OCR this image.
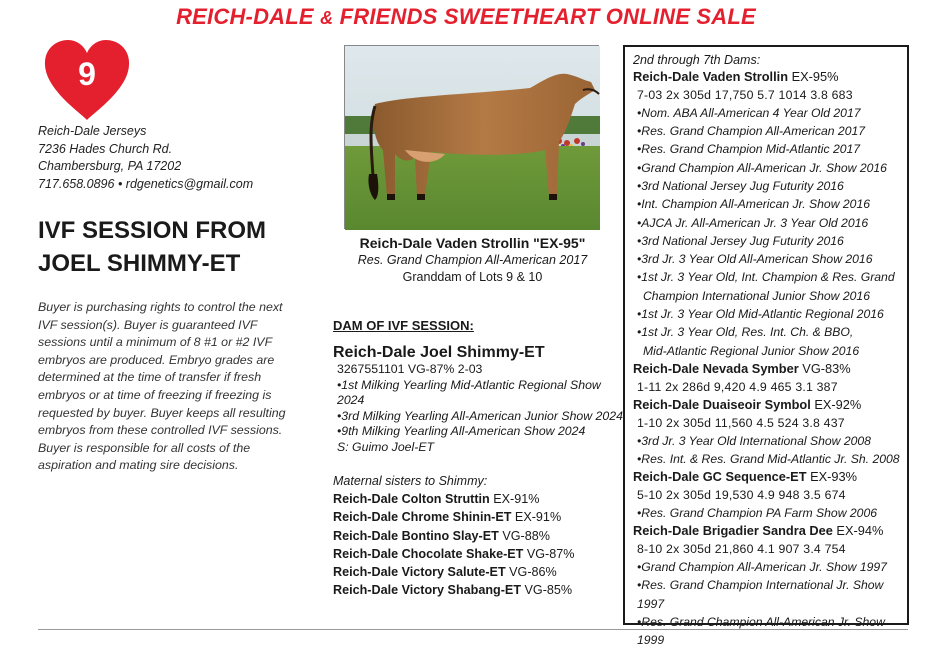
REICH-DALE & FRIENDS SWEETHEART ONLINE SALE
9
Reich-Dale Jerseys
7236 Hades Church Rd.
Chambersburg, PA 17202
717.658.0896 • rdgenetics@gmail.com
IVF SESSION FROM
JOEL SHIMMY-ET
Buyer is purchasing rights to control the next IVF session(s). Buyer is guaranteed IVF sessions until a minimum of 8 #1 or #2 IVF embryos are produced. Embryo grades are determined at the time of transfer if fresh embryos or at time of freezing if freezing is requested by buyer. Buyer keeps all resulting embryos from these controlled IVF sessions. Buyer is responsible for all costs of the aspiration and mating sire decisions.
Reich-Dale Vaden Strollin "EX-95"
Res. Grand Champion All-American 2017
Granddam of Lots 9 & 10
DAM OF IVF SESSION:
Reich-Dale Joel Shimmy-ET
3267551101 VG-87% 2-03
•1st Milking Yearling Mid-Atlantic Regional Show 2024
•3rd Milking Yearling All-American Junior Show 2024
•9th Milking Yearling All-American Show 2024
S: Guimo Joel-ET
Maternal sisters to Shimmy:
Reich-Dale Colton Struttin EX-91%
Reich-Dale Chrome Shinin-ET EX-91%
Reich-Dale Bontino Slay-ET VG-88%
Reich-Dale Chocolate Shake-ET VG-87%
Reich-Dale Victory Salute-ET VG-86%
Reich-Dale Victory Shabang-ET VG-85%
2nd through 7th Dams:
Reich-Dale Vaden Strollin EX-95%
7-03 2x 305d 17,750 5.7 1014 3.8 683
•Nom. ABA All-American 4 Year Old 2017
•Res. Grand Champion All-American 2017
•Res. Grand Champion Mid-Atlantic 2017
•Grand Champion All-American Jr. Show 2016
•3rd National Jersey Jug Futurity 2016
•Int. Champion All-American Jr. Show 2016
•AJCA Jr. All-American Jr. 3 Year Old 2016
•3rd National Jersey Jug Futurity 2016
•3rd Jr. 3 Year Old All-American Show 2016
•1st Jr. 3 Year Old, Int. Champion & Res. Grand
Champion International Junior Show 2016
•1st Jr. 3 Year Old Mid-Atlantic Regional 2016
•1st Jr. 3 Year Old, Res. Int. Ch. & BBO,
Mid-Atlantic Regional Junior Show 2016
Reich-Dale Nevada Symber VG-83%
1-11 2x 286d 9,420 4.9 465 3.1 387
Reich-Dale Duaiseoir Symbol EX-92%
1-10 2x 305d 11,560 4.5 524 3.8 437
•3rd Jr. 3 Year Old International Show 2008
•Res. Int. & Res. Grand Mid-Atlantic Jr. Sh. 2008
Reich-Dale GC Sequence-ET EX-93%
5-10 2x 305d 19,530 4.9 948 3.5 674
•Res. Grand Champion PA Farm Show 2006
Reich-Dale Brigadier Sandra Dee EX-94%
8-10 2x 305d 21,860 4.1 907 3.4 754
•Grand Champion All-American Jr. Show 1997
•Res. Grand Champion International Jr. Show 1997
•Res. Grand Champion All-American Jr. Show 1999
